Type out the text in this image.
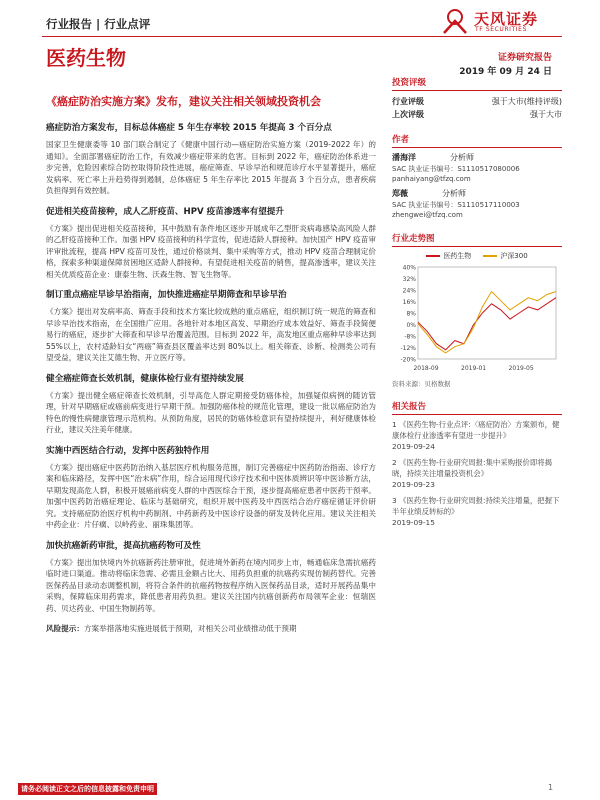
行业报告 | 行业点评	天风证券
TF SECURITIES
医药生物	证券研究报告
2019 年 09 月 24 日
《癌症防治实施方案》发布，建议关注相关领域投资机会
癌症防治方案发布，目标总体癌症 5 年生存率较 2015 年提高 3 个百分点
国家卫生健康委等 10 部门联合制定了《健康中国行动—癌症防治实施方案（2019-2022 年）的通知》。全面部署癌症防治工作，有效减少癌症带来的危害。目标到 2022 年，癌症防治体系进一步完善，危险因素综合防控取得阶段性进展，癌症筛查、早诊早治和规范诊疗水平显著提升，癌症发病率、死亡率上升趋势得到遏制，总体癌症 5 年生存率比 2015 年提高 3 个百分点，患者疾病负担得到有效控制。
促进相关疫苗接种，成人乙肝疫苗、HPV 疫苗渗透率有望提升
《方案》提出促进相关疫苗接种，其中鼓励有条件地区逐步开展成年乙型肝炎病毒感染高风险人群的乙肝疫苗接种工作。加强 HPV 疫苗接种的科学宣传，促进适龄人群接种。加快国产 HPV 疫苗审评审批流程，提高 HPV 疫苗可及性，通过价格谈判、集中采购等方式，推动 HPV 疫苗合理制定价格，探索多种渠道保障贫困地区适龄人群接种。有望促进相关疫苗的销售，提高渗透率，建议关注相关优质疫苗企业：康泰生物、沃森生物、智飞生物等。
制订重点癌症早诊早治指南，加快推进癌症早期筛查和早诊早治
《方案》提出对发病率高、筛查手段和技术方案比较成熟的重点癌症，组织制订统一规范的筛查和早诊早治技术指南，在全国推广应用。各地针对本地区高发、早期治疗成本效益好、筛查手段简便易行的癌症，逐步扩大筛查和早诊早治覆盖范围。目标到 2022 年，高发地区重点癌种早诊率达到 55%以上，农村适龄妇女“两癌”筛查县区覆盖率达到 80%以上。相关筛查、诊断、检测类公司有望受益，建议关注艾德生物、开立医疗等。
健全癌症筛查长效机制，健康体检行业有望持续发展
《方案》提出健全癌症筛查长效机制，引导高危人群定期接受防癌体检，加强疑似病例的随访管理，针对早期癌症或癌前病变进行早期干预。加强防癌体检的规范化管理，建设一批以癌症防治为特色的慢性病健康管理示范机构。从预防角度，居民的防癌体检意识有望持续提升，利好健康体检行业，建议关注美年健康。
实施中西医结合行动，发挥中医药独特作用
《方案》提出癌症中医药防治纳入基层医疗机构服务范围，制订完善癌症中医药防治指南、诊疗方案和临床路径，发挥中医“治未病”作用，综合运用现代诊疗技术和中医体质辨识等中医诊断方法，早期发现高危人群，积极开展癌前病变人群的中西医综合干预，逐步提高癌症患者中医药干预率。加强中医药防治癌症理论、临床与基础研究，组织开展中医药及中西医结合治疗癌症循证评价研究。支持癌症防治医疗机构中药制剂、中药新药及中医诊疗设备的研发及转化应用。建议关注相关中药企业：片仔癀、以岭药业、丽珠集团等。
加快抗癌新药审批，提高抗癌药物可及性
《方案》提出加快境内外抗癌新药注册审批，促进境外新药在境内同步上市，畅通临床急需抗癌药临时进口渠道。推动将临床急需、必需且金额占比大、用药负担重的抗癌药实现仿制药替代。完善医保药品目录动态调整机制，将符合条件的抗癌药物按程序纳入医保药品目录，适时开展药品集中采购，保障临床用药需求，降低患者用药负担。建议关注国内抗癌创新药布局领军企业：恒瑞医药、贝达药业、中国生物制药等。
风险提示：方案举措落地实施进展低于预期，对相关公司业绩推动低于预期
投资评级
行业评级	强于大市(维持评级)
上次评级	强于大市
作者
潘海洋	分析师
SAC 执业证书编号：S1110517080006
panhaiyang@tfzq.com
郑薇	分析师
SAC 执业证书编号：S1110517110003
zhengwei@tfzq.com
行业走势图
医药生物	沪深300
40%
32%
24%
16%
8%
0%
-8%
-12%
-20%
2018-09	2019-01	2019-05
资料来源：贝格数据
相关报告
1 《医药生物-行业点评:〈癌症防治〉方案颁布，健康体检行业渗透率有望进一步提升》
2019-09-24
2 《医药生物-行业研究周报:集中采购报价即将揭晓，持续关注增量投资机会》
2019-09-23
3 《医药生物-行业研究周报:持续关注增量，把握下半年业绩反转标的》
2019-09-15
请务必阅读正文之后的信息披露和免责申明	1
